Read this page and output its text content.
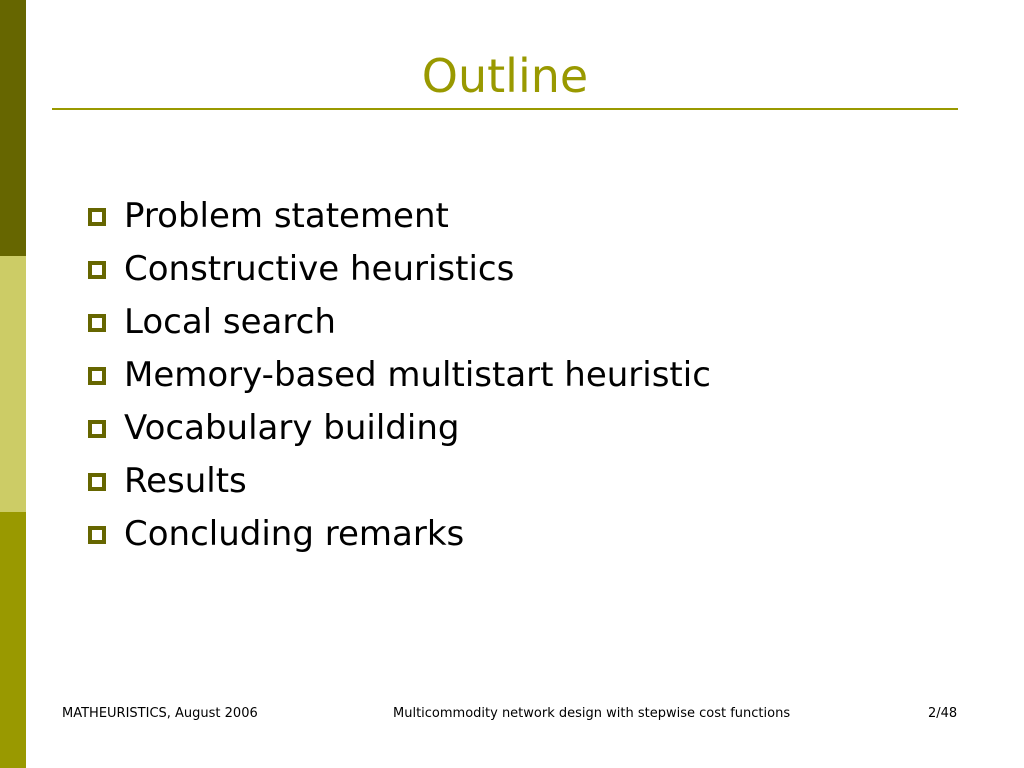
Outline
Problem statement
Constructive heuristics
Local search
Memory-based multistart heuristic
Vocabulary building
Results
Concluding remarks
MATHEURISTICS, August 2006	Multicommodity network design with stepwise cost functions	2/48
